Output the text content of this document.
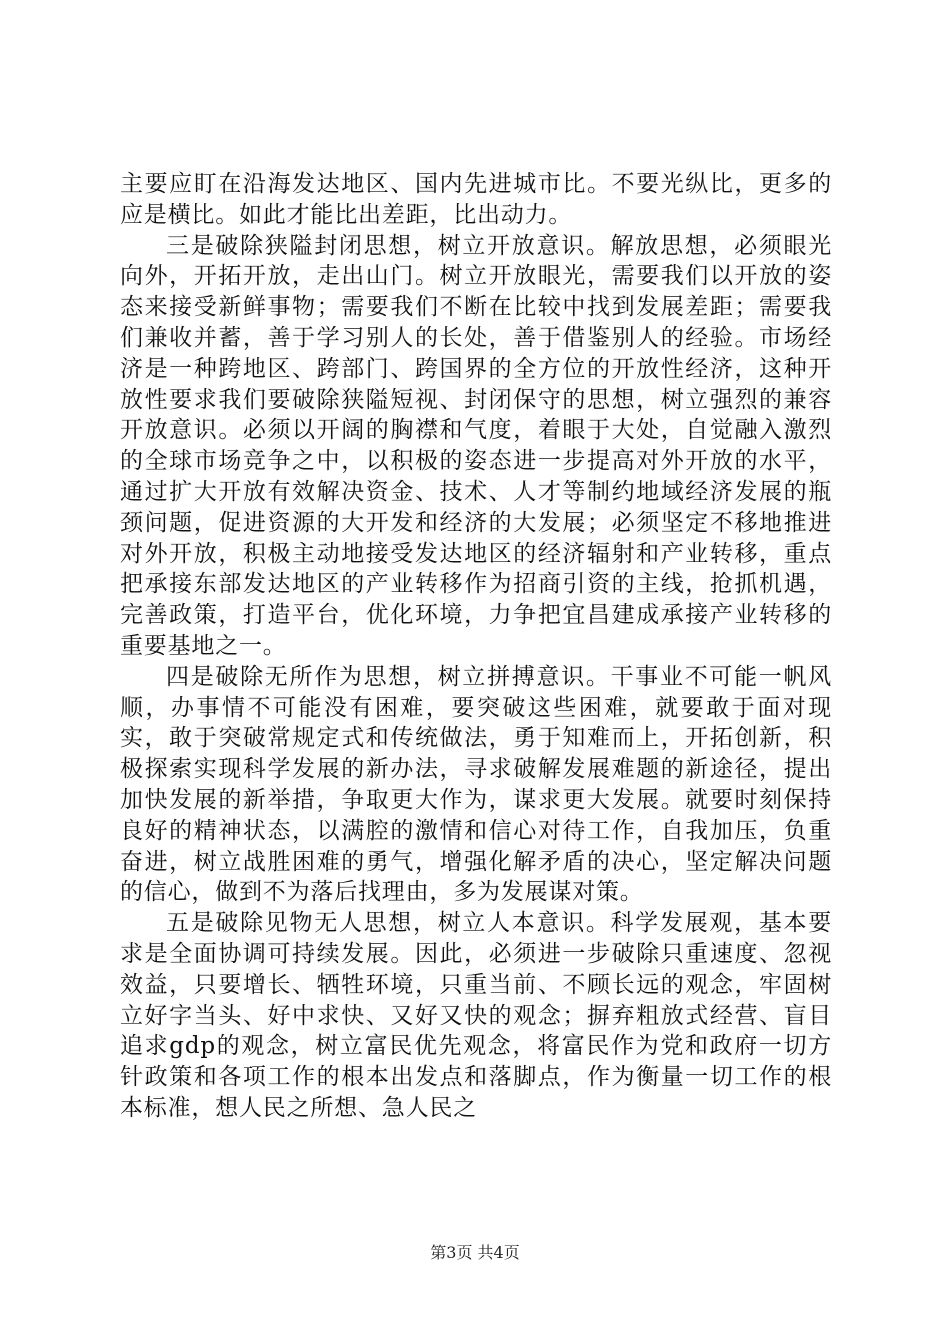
主要应盯在沿海发达地区、国内先进城市比。不要光纵比，更多的应是横比。如此才能比出差距，比出动力。

三是破除狭隘封闭思想，树立开放意识。解放思想，必须眼光向外，开拓开放，走出山门。树立开放眼光，需要我们以开放的姿态来接受新鲜事物；需要我们不断在比较中找到发展差距；需要我们兼收并蓄，善于学习别人的长处，善于借鉴别人的经验。市场经济是一种跨地区、跨部门、跨国界的全方位的开放性经济，这种开放性要求我们要破除狭隘短视、封闭保守的思想，树立强烈的兼容开放意识。必须以开阔的胸襟和气度，着眼于大处，自觉融入激烈的全球市场竞争之中，以积极的姿态进一步提高对外开放的水平，通过扩大开放有效解决资金、技术、人才等制约地域经济发展的瓶颈问题，促进资源的大开发和经济的大发展；必须坚定不移地推进对外开放，积极主动地接受发达地区的经济辐射和产业转移，重点把承接东部发达地区的产业转移作为招商引资的主线，抢抓机遇，完善政策，打造平台，优化环境，力争把宜昌建成承接产业转移的重要基地之一。

四是破除无所作为思想，树立拼搏意识。干事业不可能一帆风顺，办事情不可能没有困难，要突破这些困难，就要敢于面对现实，敢于突破常规定式和传统做法，勇于知难而上，开拓创新，积极探索实现科学发展的新办法，寻求破解发展难题的新途径，提出加快发展的新举措，争取更大作为，谋求更大发展。就要时刻保持良好的精神状态，以满腔的激情和信心对待工作，自我加压，负重奋进，树立战胜困难的勇气，增强化解矛盾的决心，坚定解决问题的信心，做到不为落后找理由，多为发展谋对策。

五是破除见物无人思想，树立人本意识。科学发展观，基本要求是全面协调可持续发展。因此，必须进一步破除只重速度、忽视效益，只要增长、牺牲环境，只重当前、不顾长远的观念，牢固树立好字当头、好中求快、又好又快的观念；摒弃粗放式经营、盲目追求gdp的观念，树立富民优先观念，将富民作为党和政府一切方针政策和各项工作的根本出发点和落脚点，作为衡量一切工作的根本标准，想人民之所想、急人民之

第3页 共4页
